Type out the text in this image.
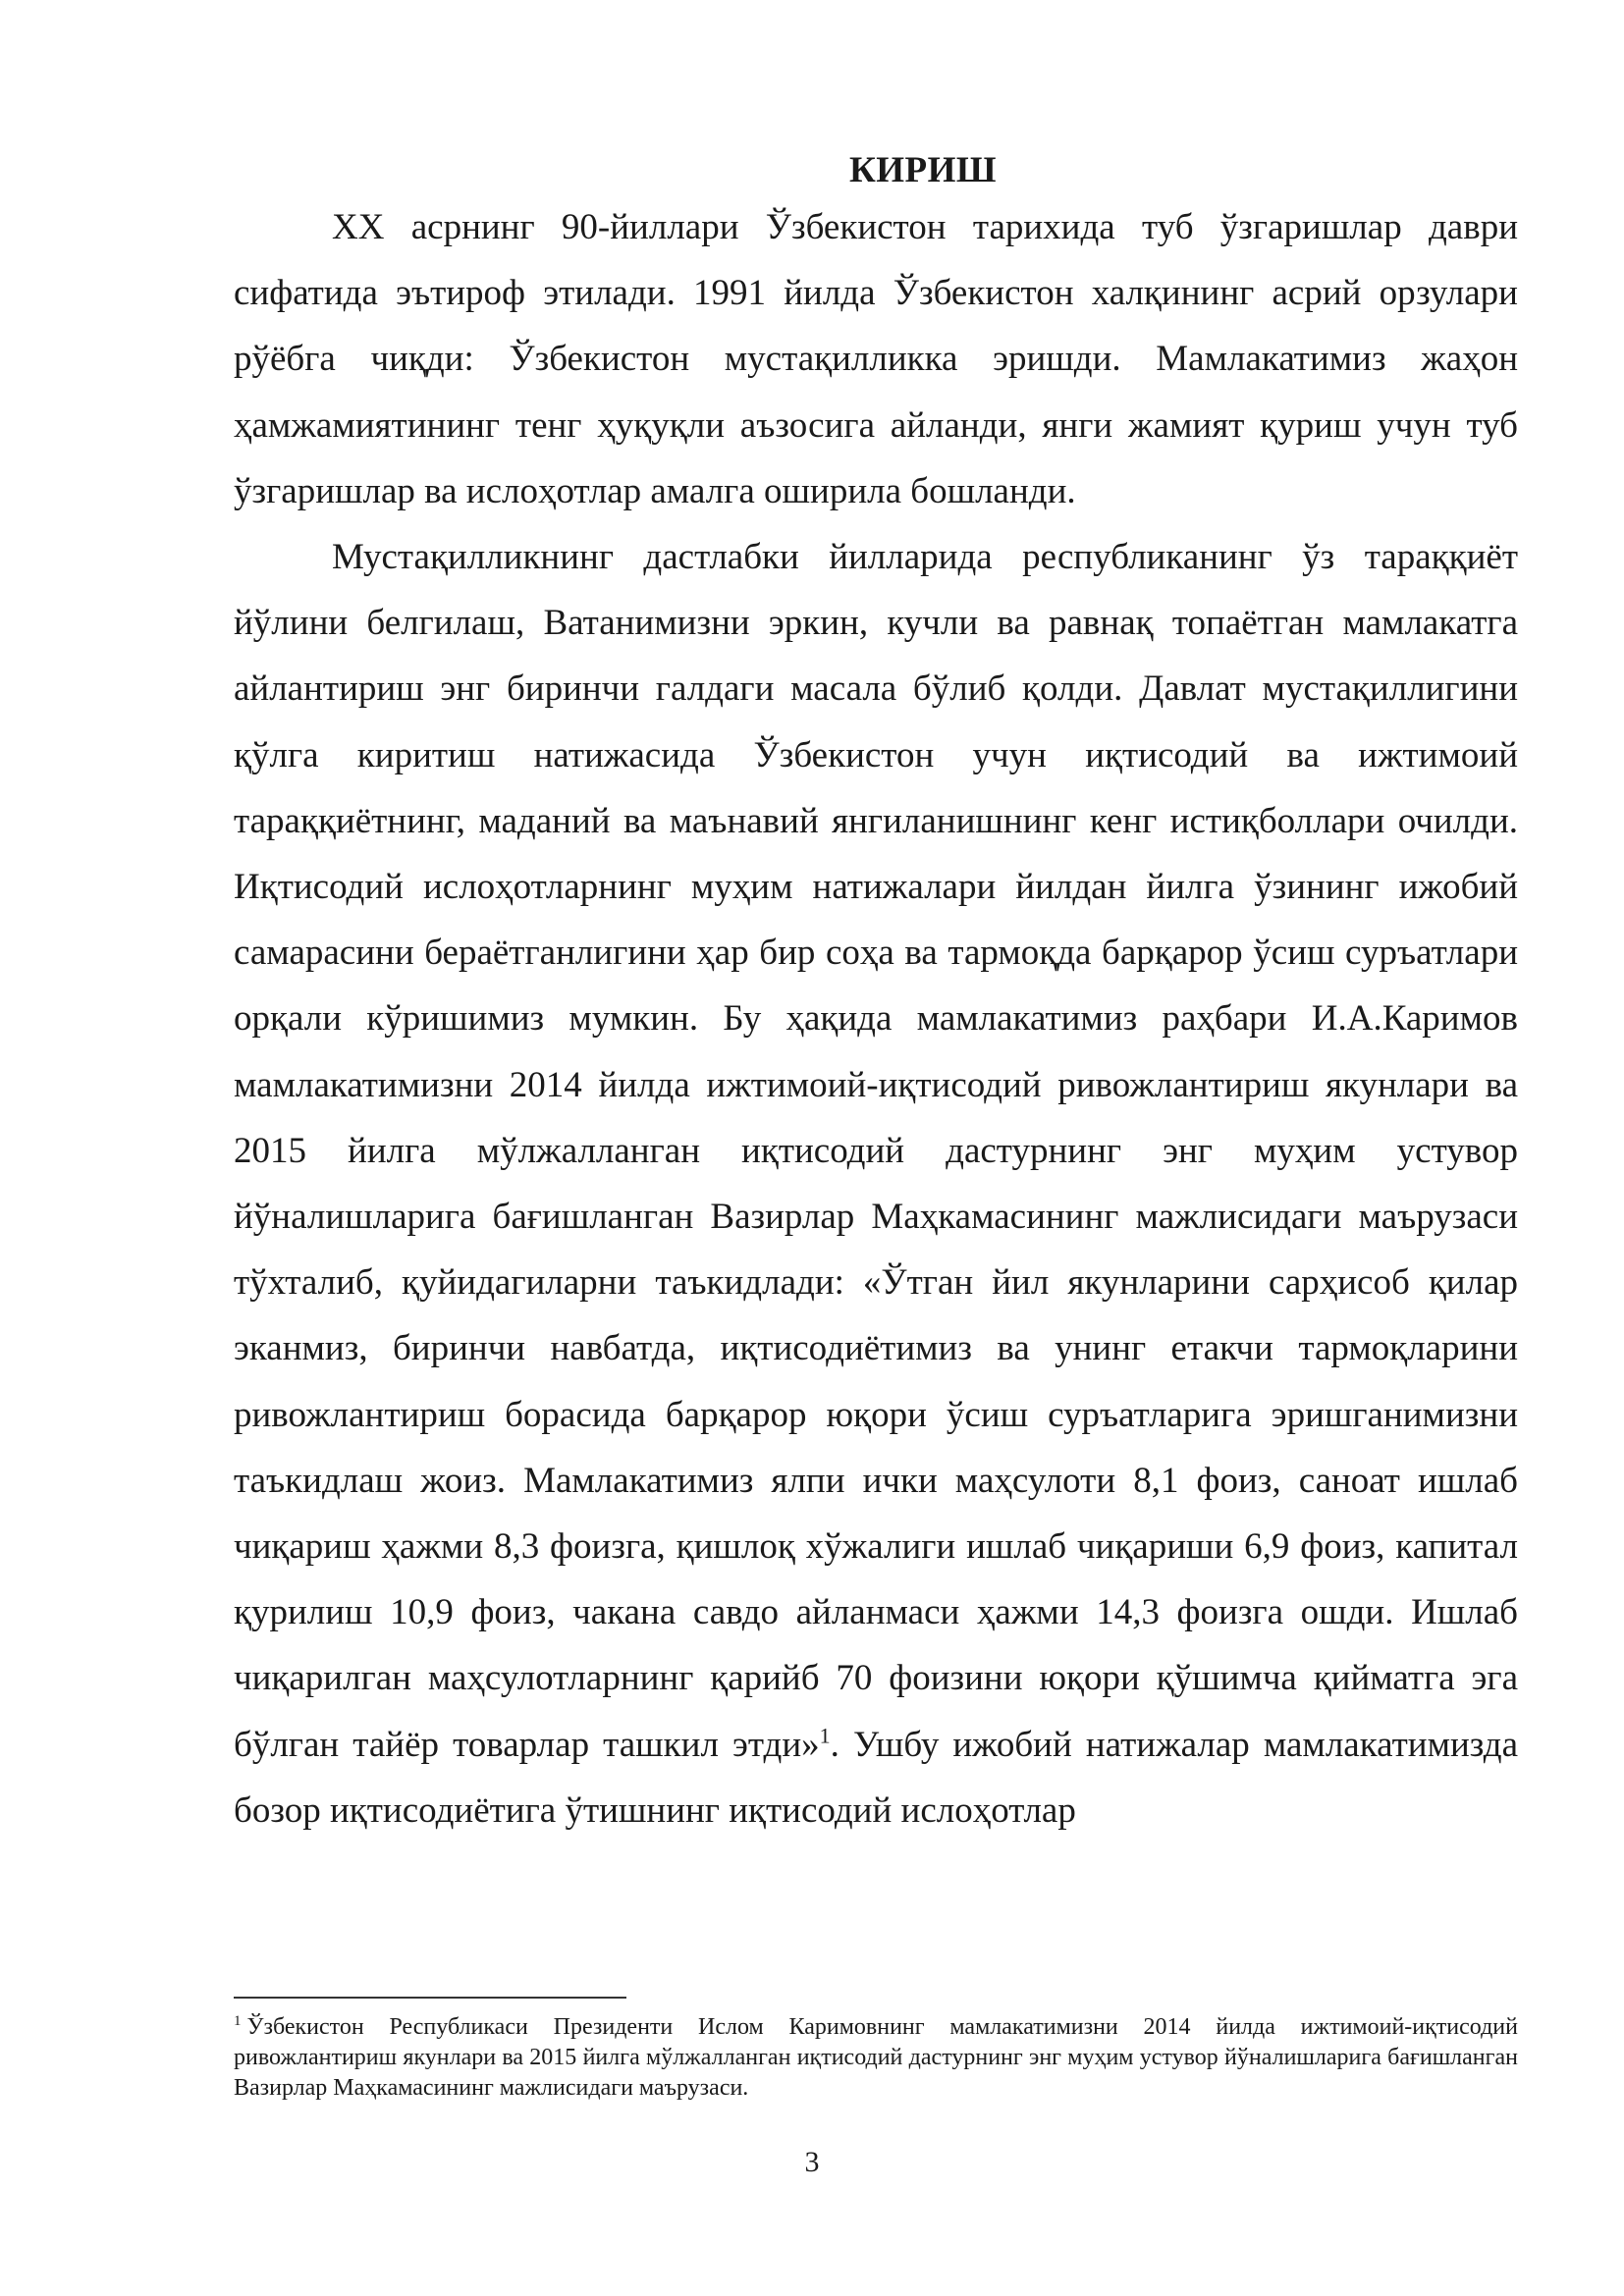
КИРИШ

XX асрнинг 90-йиллари Ўзбекистон тарихида туб ўзгаришлар даври сифатида эътироф этилади. 1991 йилда Ўзбекистон халқининг асрий орзулари рўёбга чиқди: Ўзбекистон мустақилликка эришди. Мамлакатимиз жаҳон ҳамжамиятининг тенг ҳуқуқли аъзосига айланди, янги жамият қуриш учун туб ўзгаришлар ва ислоҳотлар амалга оширила бошланди.

Мустақилликнинг дастлабки йилларида республиканинг ўз тараққиёт йўлини белгилаш, Ватанимизни эркин, кучли ва равнақ топаётган мамлакатга айлантириш энг биринчи галдаги масала бўлиб қолди. Давлат мустақиллигини қўлга киритиш натижасида Ўзбекистон учун иқтисодий ва ижтимоий тараққиётнинг, маданий ва маънавий янгиланишнинг кенг истиқболлари очилди. Иқтисодий ислоҳотларнинг муҳим натижалари йилдан йилга ўзининг ижобий самарасини бераётганлигини ҳар бир соҳа ва тармоқда барқарор ўсиш суръатлари орқали кўришимиз мумкин. Бу ҳақида мамлакатимиз раҳбари И.А.Каримов мамлакатимизни 2014 йилда ижтимоий-иқтисодий ривожлантириш якунлари ва 2015 йилга мўлжалланган иқтисодий дастурнинг энг муҳим устувор йўналишларига бағишланган Вазирлар Маҳкамасининг мажлисидаги маърузаси тўхталиб, қуйидагиларни таъкидлади: «Ўтган йил якунларини сарҳисоб қилар эканмиз, биринчи навбатда, иқтисодиётимиз ва унинг етакчи тармоқларини ривожлантириш борасида барқарор юқори ўсиш суръатларига эришганимизни таъкидлаш жоиз. Мамлакатимиз ялпи ички маҳсулоти 8,1 фоиз, саноат ишлаб чиқариш ҳажми 8,3 фоизга, қишлоқ хўжалиги ишлаб чиқариши 6,9 фоиз, капитал қурилиш 10,9 фоиз, чакана савдо айланмаси ҳажми 14,3 фоизга ошди. Ишлаб чиқарилган маҳсулотларнинг қарийб 70 фоизини юқори қўшимча қийматга эга бўлган тайёр товарлар ташкил этди»$^1$. Ушбу ижобий натижалар мамлакатимизда бозор иқтисодиётига ўтишнинг иқтисодий ислоҳотлар

$^1$ Ўзбекистон Республикаси Президенти Ислом Каримовнинг мамлакатимизни 2014 йилда ижтимоий-иқтисодий ривожлантириш якунлари ва 2015 йилга мўлжалланган иқтисодий дастурнинг энг муҳим устувор йўналишларига бағишланган Вазирлар Маҳкамасининг мажлисидаги маърузаси.

3
